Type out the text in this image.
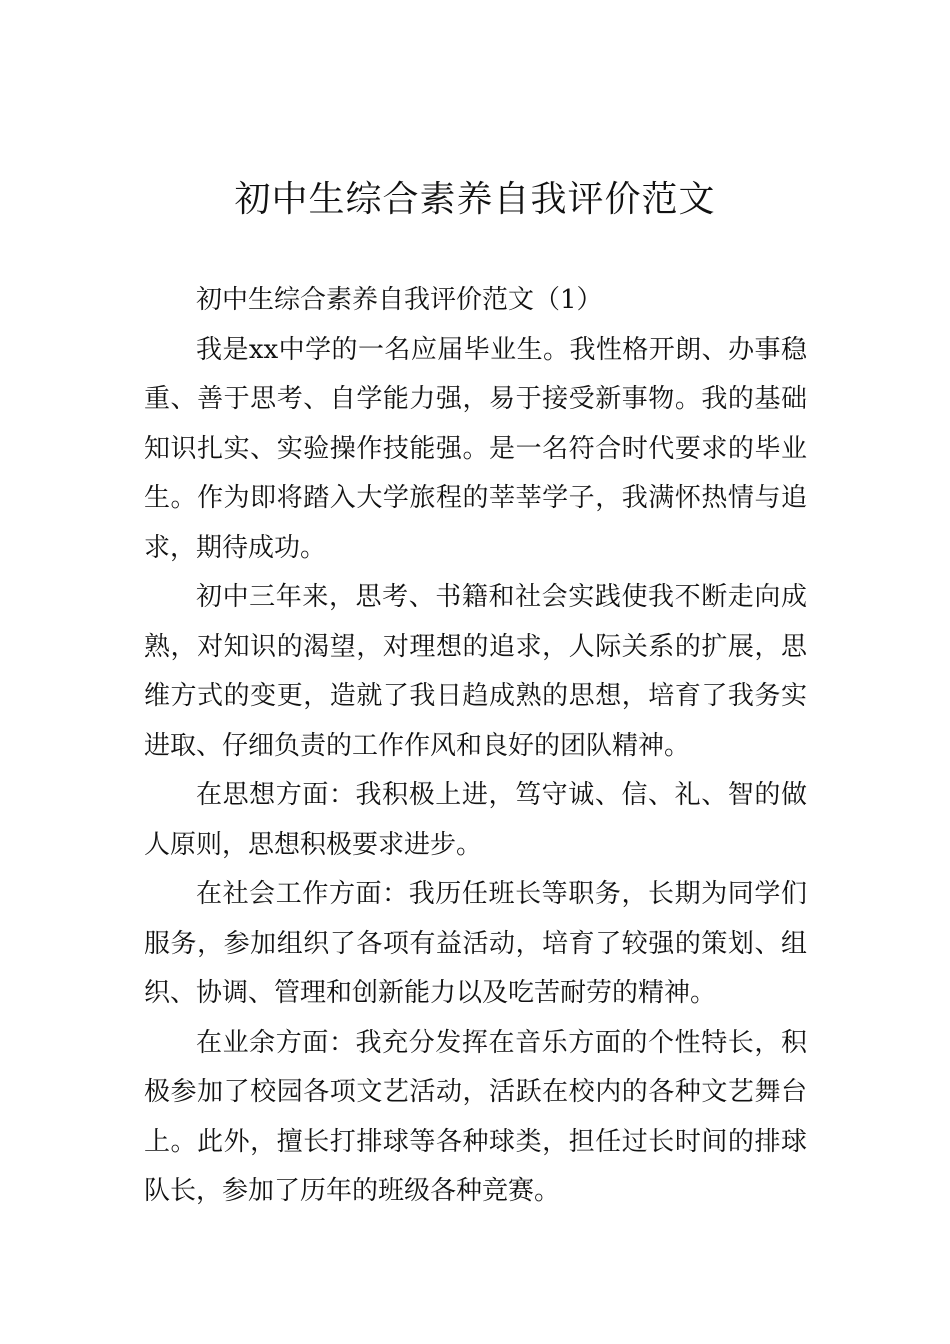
初中生综合素养自我评价范文

初中生综合素养自我评价范文（1）

我是xx中学的一名应届毕业生。我性格开朗、办事稳重、善于思考、自学能力强，易于接受新事物。我的基础知识扎实、实验操作技能强。是一名符合时代要求的毕业生。作为即将踏入大学旅程的莘莘学子，我满怀热情与追求，期待成功。

初中三年来，思考、书籍和社会实践使我不断走向成熟，对知识的渴望，对理想的追求，人际关系的扩展，思维方式的变更，造就了我日趋成熟的思想，培育了我务实进取、仔细负责的工作作风和良好的团队精神。

在思想方面：我积极上进，笃守诚、信、礼、智的做人原则，思想积极要求进步。

在社会工作方面：我历任班长等职务，长期为同学们服务，参加组织了各项有益活动，培育了较强的策划、组织、协调、管理和创新能力以及吃苦耐劳的精神。

在业余方面：我充分发挥在音乐方面的个性特长，积极参加了校园各项文艺活动，活跃在校内的各种文艺舞台上。此外，擅长打排球等各种球类，担任过长时间的排球队长，参加了历年的班级各种竞赛。
